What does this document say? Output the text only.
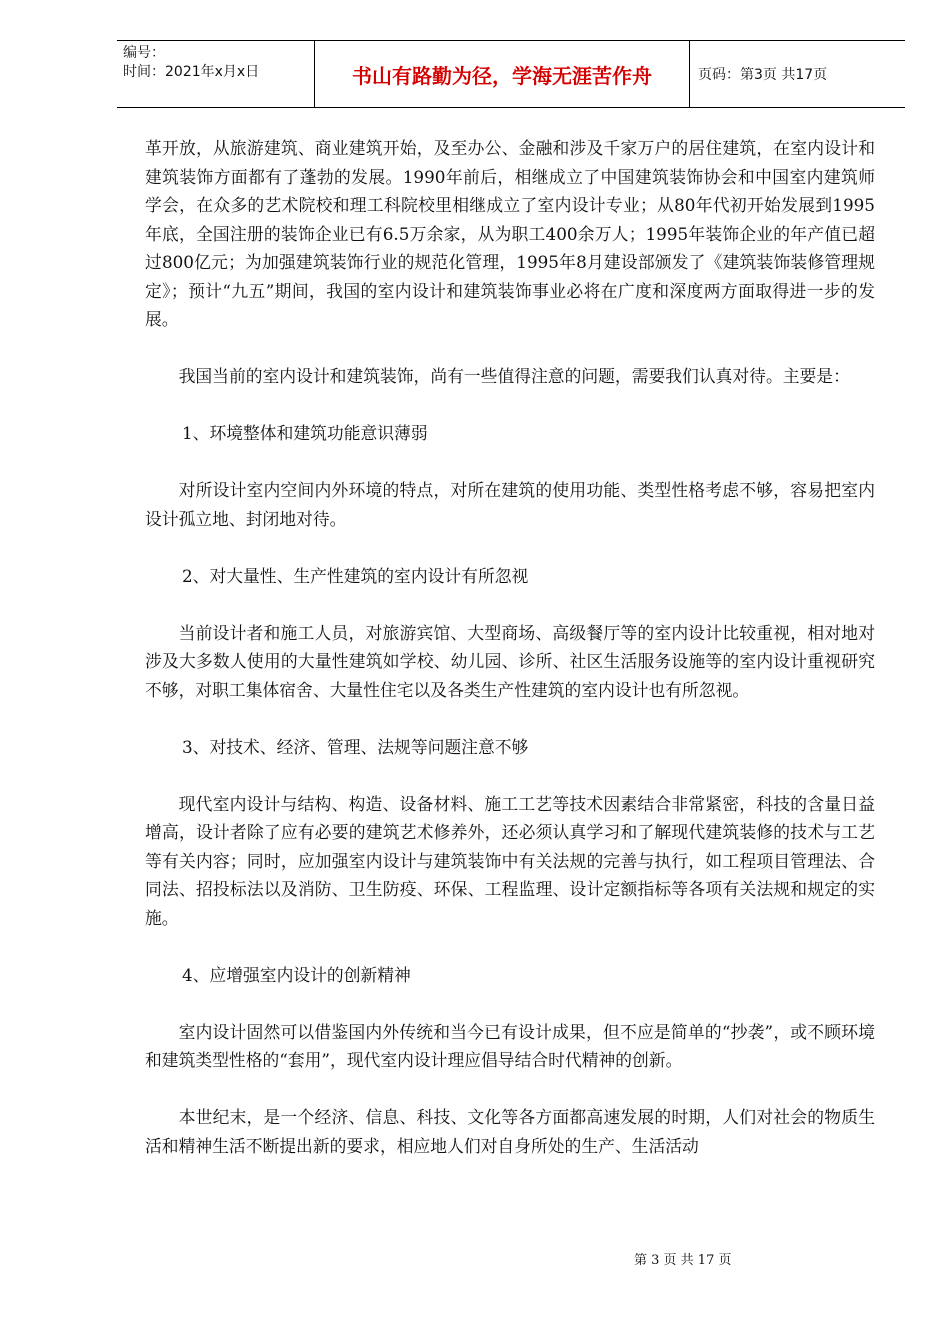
编号：
时间：2021年x月x日	书山有路勤为径，学海无涯苦作舟	页码：第3页 共17页

革开放，从旅游建筑、商业建筑开始，及至办公、金融和涉及千家万户的居住建筑，在室内设计和建筑装饰方面都有了蓬勃的发展。1990年前后，相继成立了中国建筑装饰协会和中国室内建筑师学会，在众多的艺术院校和理工科院校里相继成立了室内设计专业；从80年代初开始发展到1995年底，全国注册的装饰企业已有6.5万余家，从为职工400余万人；1995年装饰企业的年产值已超过800亿元；为加强建筑装饰行业的规范化管理，1995年8月建设部颁发了《建筑装饰装修管理规定》；预计“九五”期间，我国的室内设计和建筑装饰事业必将在广度和深度两方面取得进一步的发展。

我国当前的室内设计和建筑装饰，尚有一些值得注意的问题，需要我们认真对待。主要是：

1、环境整体和建筑功能意识薄弱

对所设计室内空间内外环境的特点，对所在建筑的使用功能、类型性格考虑不够，容易把室内设计孤立地、封闭地对待。

2、对大量性、生产性建筑的室内设计有所忽视

当前设计者和施工人员，对旅游宾馆、大型商场、高级餐厅等的室内设计比较重视，相对地对涉及大多数人使用的大量性建筑如学校、幼儿园、诊所、社区生活服务设施等的室内设计重视研究不够，对职工集体宿舍、大量性住宅以及各类生产性建筑的室内设计也有所忽视。

3、对技术、经济、管理、法规等问题注意不够

现代室内设计与结构、构造、设备材料、施工工艺等技术因素结合非常紧密，科技的含量日益增高，设计者除了应有必要的建筑艺术修养外，还必须认真学习和了解现代建筑装修的技术与工艺等有关内容；同时，应加强室内设计与建筑装饰中有关法规的完善与执行，如工程项目管理法、合同法、招投标法以及消防、卫生防疫、环保、工程监理、设计定额指标等各项有关法规和规定的实施。

4、应增强室内设计的创新精神

室内设计固然可以借鉴国内外传统和当今已有设计成果，但不应是简单的“抄袭”，或不顾环境和建筑类型性格的“套用”，现代室内设计理应倡导结合时代精神的创新。

本世纪末，是一个经济、信息、科技、文化等各方面都高速发展的时期，人们对社会的物质生活和精神生活不断提出新的要求，相应地人们对自身所处的生产、生活活动

第 3 页 共 17 页
